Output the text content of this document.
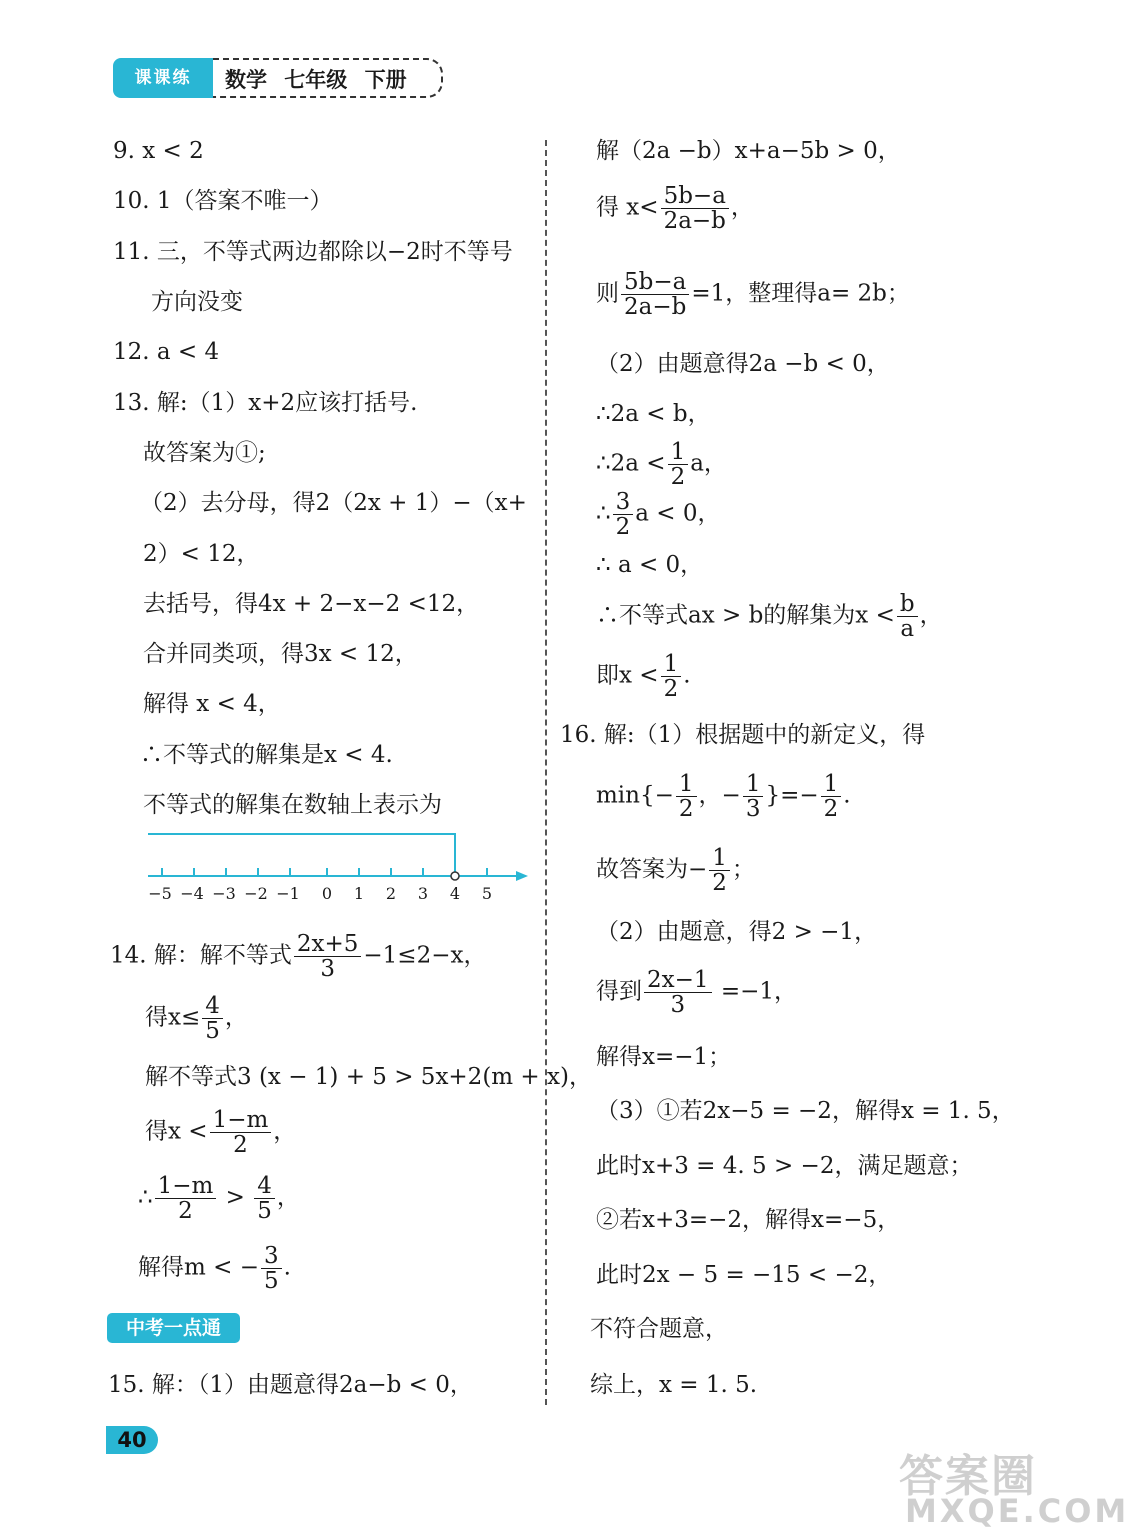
课课练	数学 七年级 下册
9. x < 2
10. 1（答案不唯一）
11. 三，不等式两边都除以−2时不等号
方向没变
12. a < 4
13. 解:（1）x+2应该打括号.
故答案为①;
（2）去分母，得2（2x + 1）−（x+
2）< 12，
去括号，得4x + 2−x−2 <12，
合并同类项，得3x < 12，
解得 x < 4，
∴不等式的解集是x < 4.
不等式的解集在数轴上表示为
−5 −4 −3 −2 −1 0 1 2 3 4 5
14. 解：解不等式 $\frac{2x+5}{3} -1\le 2-x$，
得$x\le \frac{4}{5}$ ，
解不等式3 (x − 1) + 5 > 5x+2(m + x)，
得$x < \frac{1-m}{2}$ ，
∴ $\frac{1-m}{2} > \frac{4}{5}$ ，
解得m < − $\frac{3}{5}$ .
中考一点通
15. 解：（1）由题意得2a−b < 0，
解（2a −b）x+a−5b > 0，
得 $x< \frac{5b-a}{2a-b}$ ，
则 $\frac{5b-a}{2a-b} =1$，整理得a= 2b；
（2）由题意得2a −b < 0，
∴2a < b，
∴2a < $\frac{1}{2}$ a，
∴ $\frac{3}{2}$ a < 0，
∴ a < 0，
∴不等式ax > b的解集为$x < \frac{b}{a}$ ，
即$x < \frac{1}{2}$ .
16. 解:（1）根据题中的新定义，得
$\min\{- \frac{1}{2}$ ，− $\frac{1}{3}$ }=− $\frac{1}{2}$ .
故答案为− $\frac{1}{2}$ ；
（2）由题意，得2 > −1，
得到 $\frac{2x-1}{3} =-1$，
解得x=−1；
（3）①若2x−5 = −2，解得x = 1. 5，
此时x+3 = 4. 5 > −2，满足题意；
②若x+3=−2，解得x=−5，
此时2x − 5 = −15 < −2，
不符合题意，
综上，x = 1. 5.
40
答案圈
MXQE.COM
